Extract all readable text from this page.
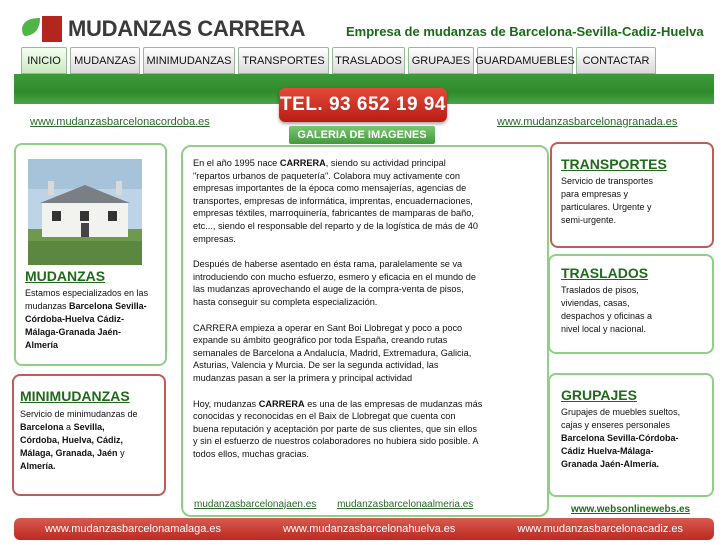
MUDANZAS CARRERA	Empresa de mudanzas de Barcelona-Sevilla-Cadiz-Huelva
INICIO	MUDANZAS MINIMUDANZAS TRANSPORTES TRASLADOS GRUPAJES GUARDAMUEBLES CONTACTAR
TEL. 93 652 19 94
GALERIA DE IMAGENES
www.mudanzasbarcelonacordoba.es	www.mudanzasbarcelonagranada.es
MUDANZAS
Estamos especializados en las mudanzas Barcelona Sevilla-Córdoba-Huelva Cádiz-Málaga-Granada Jaén-Almería
MINIMUDANZAS
Servicio de minimudanzas de Barcelona a Sevilla, Córdoba, Huelva, Cádiz, Málaga, Granada, Jaén y Almería.

En el año 1995 nace CARRERA, siendo su actividad principal "repartos urbanos de paquetería". Colabora muy activamente con empresas importantes de la época como mensajerías, agencias de transportes, empresas de informática, imprentas, encuadernaciones, empresas téxtiles, marroquinería, fabricantes de mamparas de baño, etc..., siendo el responsable del reparto y de la logística de más de 40 empresas.

Después de haberse asentado en ésta rama, paralelamente se va introduciendo con mucho esfuerzo, esmero y eficacia en el mundo de las mudanzas aprovechando el auge de la compra-venta de pisos, hasta conseguir su completa especialización.

CARRERA empieza a operar en Sant Boi Llobregat y poco a poco expande su ámbito geográfico por toda España, creando rutas semanales de Barcelona a Andalucía, Madrid, Extremadura, Galicia, Asturias, Valencia y Murcia. De ser la segunda actividad, las mudanzas pasan a ser la primera y principal actividad

Hoy, mudanzas CARRERA es una de las empresas de mudanzas más conocidas y reconocidas en el Baix de Llobregat que cuenta con buena reputación y aceptación por parte de sus clientes, que sin ellos y sin el esfuerzo de nuestros colaboradores no hubiera sido posible. A todos ellos, muchas gracias.

mudanzasbarcelonajaen.es mudanzasbarcelonaalmeria.es
TRANSPORTES
Servicio de transportes para empresas y particulares. Urgente y semi-urgente.
TRASLADOS
Traslados de pisos, viviendas, casas, despachos y oficinas a nivel local y nacional.
GRUPAJES
Grupajes de muebles sueltos, cajas y enseres personales Barcelona Sevilla-Córdoba-Cádiz Huelva-Málaga-Granada Jaén-Almería.
www.websonlinewebs.es
www.mudanzasbarcelonamalaga.es	www.mudanzasbarcelonahuelva.es	www.mudanzasbarcelonacadiz.es
